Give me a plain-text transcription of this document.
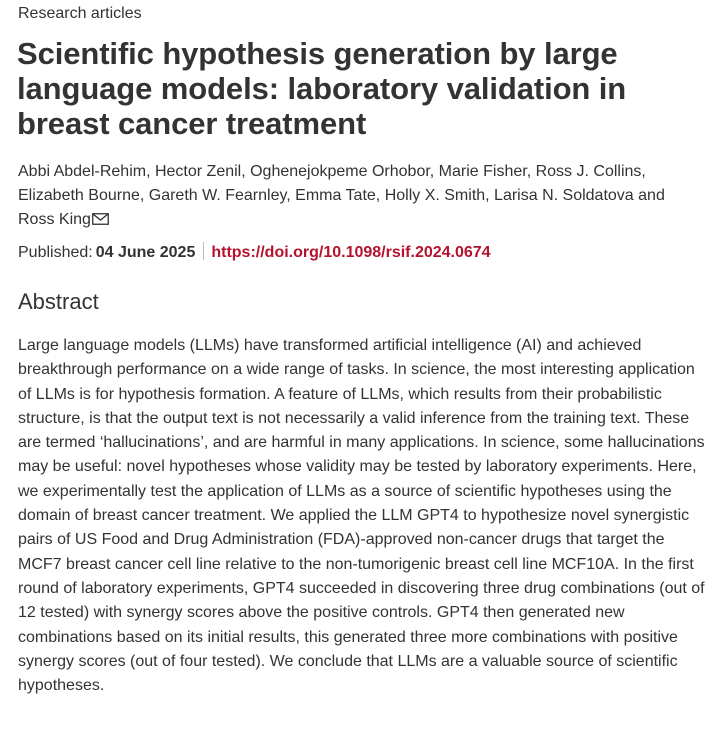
Research articles
Scientific hypothesis generation by large language models: laboratory validation in breast cancer treatment
Abbi Abdel-Rehim, Hector Zenil, Oghenejokpeme Orhobor, Marie Fisher, Ross J. Collins, Elizabeth Bourne, Gareth W. Fearnley, Emma Tate, Holly X. Smith, Larisa N. Soldatova and Ross King
Published: 04 June 2025 https://doi.org/10.1098/rsif.2024.0674
Abstract

Large language models (LLMs) have transformed artificial intelligence (AI) and achieved breakthrough performance on a wide range of tasks. In science, the most interesting application of LLMs is for hypothesis formation. A feature of LLMs, which results from their probabilistic structure, is that the output text is not necessarily a valid inference from the training text. These are termed ‘hallucinations’, and are harmful in many applications. In science, some hallucinations may be useful: novel hypotheses whose validity may be tested by laboratory experiments. Here, we experimentally test the application of LLMs as a source of scientific hypotheses using the domain of breast cancer treatment. We applied the LLM GPT4 to hypothesize novel synergistic pairs of US Food and Drug Administration (FDA)-approved non-cancer drugs that target the MCF7 breast cancer cell line relative to the non-tumorigenic breast cell line MCF10A. In the first round of laboratory experiments, GPT4 succeeded in discovering three drug combinations (out of 12 tested) with synergy scores above the positive controls. GPT4 then generated new combinations based on its initial results, this generated three more combinations with positive synergy scores (out of four tested). We conclude that LLMs are a valuable source of scientific hypotheses.
